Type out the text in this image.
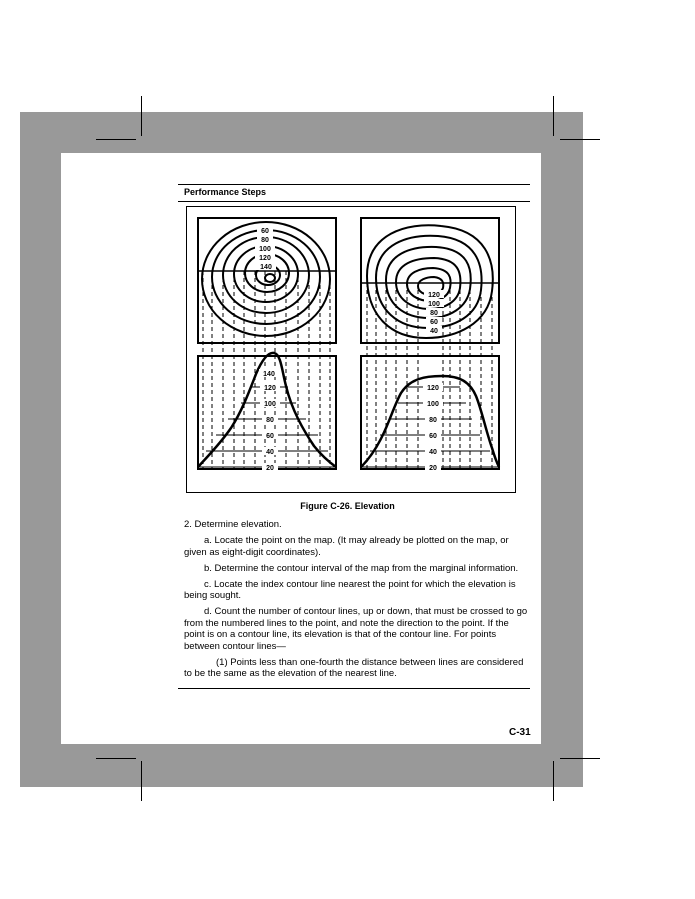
Performance Steps
60
80
100
120
140
120
100
80
60
40
140
120
100
80
60
40
20
120
100
80
60
40
20
Figure C-26. Elevation

2. Determine elevation.

a. Locate the point on the map. (It may already be plotted on the map, or given as eight-digit coordinates).

b. Determine the contour interval of the map from the marginal information.

c. Locate the index contour line nearest the point for which the elevation is being sought.

d. Count the number of contour lines, up or down, that must be crossed to go from the numbered lines to the point, and note the direction to the point. If the point is on a contour line, its elevation is that of the contour line. For points between contour lines—

(1) Points less than one-fourth the distance between lines are considered to be the same as the elevation of the nearest line.

C-31
